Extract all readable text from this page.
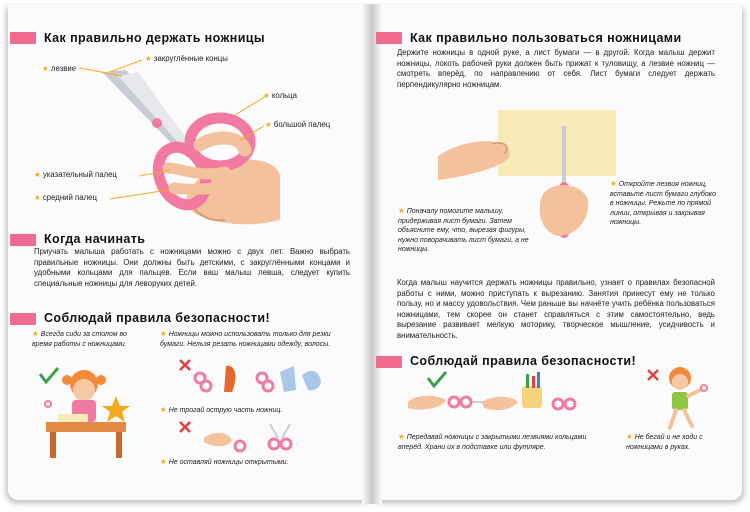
Как правильно держать ножницы
★ лезвие
★ закруглённые концы
★ кольца
★ большой палец
★ указательный палец
★ средний палец
Когда начинать
Приучать малыша работать с ножницами можно с двух лет. Важно выбрать правильные ножницы. Они должны быть детскими, с закруглёнными концами и удобными кольцами для пальцев. Если ваш малыш левша, следует купить специальные ножницы для леворуких детей.
Соблюдай правила безопасности!
★ Всегда сиди за столом во время работы с ножницами.
★ Ножницы можно использовать только для резки бумаги. Нельзя резать ножницами одежду, волосы.
★ Не трогай острую часть ножниц.
★ Не оставляй ножницы открытыми.
Как правильно пользоваться ножницами
Держите ножницы в одной руке, а лист бумаги — в другой. Когда малыш держит ножницы, локоть рабочей руки должен быть прижат к туловищу, а лезвие ножниц — смотреть вперёд, по направлению от себя. Лист бумаги следует держать перпендикулярно ножницам.
★ Откройте лезвия ножниц, вставьте лист бумаги глубоко в ножницы. Режьте по прямой линии, открывая и закрывая ножницы.
★ Поначалу помогите малышу, придерживая лист бумаги. Затем объясните ему, что, вырезая фигуры, нужно поворачивать лист бумаги, а не ножницы.
Когда малыш научится держать ножницы правильно, узнает о правилах безопасной работы с ними, можно приступать к вырезанию. Занятия принесут ему не только пользу, но и массу удовольствия. Чем раньше вы начнёте учить ребёнка пользоваться ножницами, тем скорее он станет справляться с этим самостоятельно, ведь вырезание развивает мелкую моторику, творческое мышление, усидчивость и внимательность.
Соблюдай правила безопасности!
★ Передавай ножницы с закрытыми лезвиями кольцами вперёд. Храни их в подставке или футляре.
★ Не бегай и не ходи с ножницами в руках.
